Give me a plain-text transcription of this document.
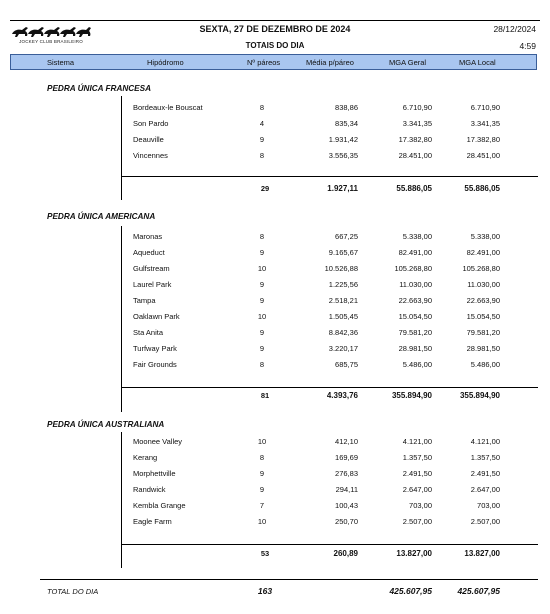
JOCKEY CLUB BRASILEIRO
SEXTA, 27 DE DEZEMBRO DE 2024
TOTAIS DO DIA
28/12/2024
4:59
Sistema	Hipódromo	Nº páreos	Média p/páreo	MGA Geral	MGA Local
PEDRA ÚNICA FRANCESA
Bordeaux-le Bouscat	8	838,86	6.710,90	6.710,90
Son Pardo	4	835,34	3.341,35	3.341,35
Deauville	9	1.931,42	17.382,80	17.382,80
Vincennes	8	3.556,35	28.451,00	28.451,00
29	1.927,11	55.886,05	55.886,05
PEDRA ÚNICA AMERICANA
Maronas	8	667,25	5.338,00	5.338,00
Aqueduct	9	9.165,67	82.491,00	82.491,00
Gulfstream	10	10.526,88	105.268,80	105.268,80
Laurel Park	9	1.225,56	11.030,00	11.030,00
Tampa	9	2.518,21	22.663,90	22.663,90
Oaklawn Park	10	1.505,45	15.054,50	15.054,50
Sta Anita	9	8.842,36	79.581,20	79.581,20
Turfway Park	9	3.220,17	28.981,50	28.981,50
Fair Grounds	8	685,75	5.486,00	5.486,00
81	4.393,76	355.894,90	355.894,90
PEDRA ÚNICA AUSTRALIANA
Moonee Valley	10	412,10	4.121,00	4.121,00
Kerang	8	169,69	1.357,50	1.357,50
Morphettville	9	276,83	2.491,50	2.491,50
Randwick	9	294,11	2.647,00	2.647,00
Kembla Grange	7	100,43	703,00	703,00
Eagle Farm	10	250,70	2.507,00	2.507,00
53	260,89	13.827,00	13.827,00
TOTAL DO DIA	163	425.607,95	425.607,95
